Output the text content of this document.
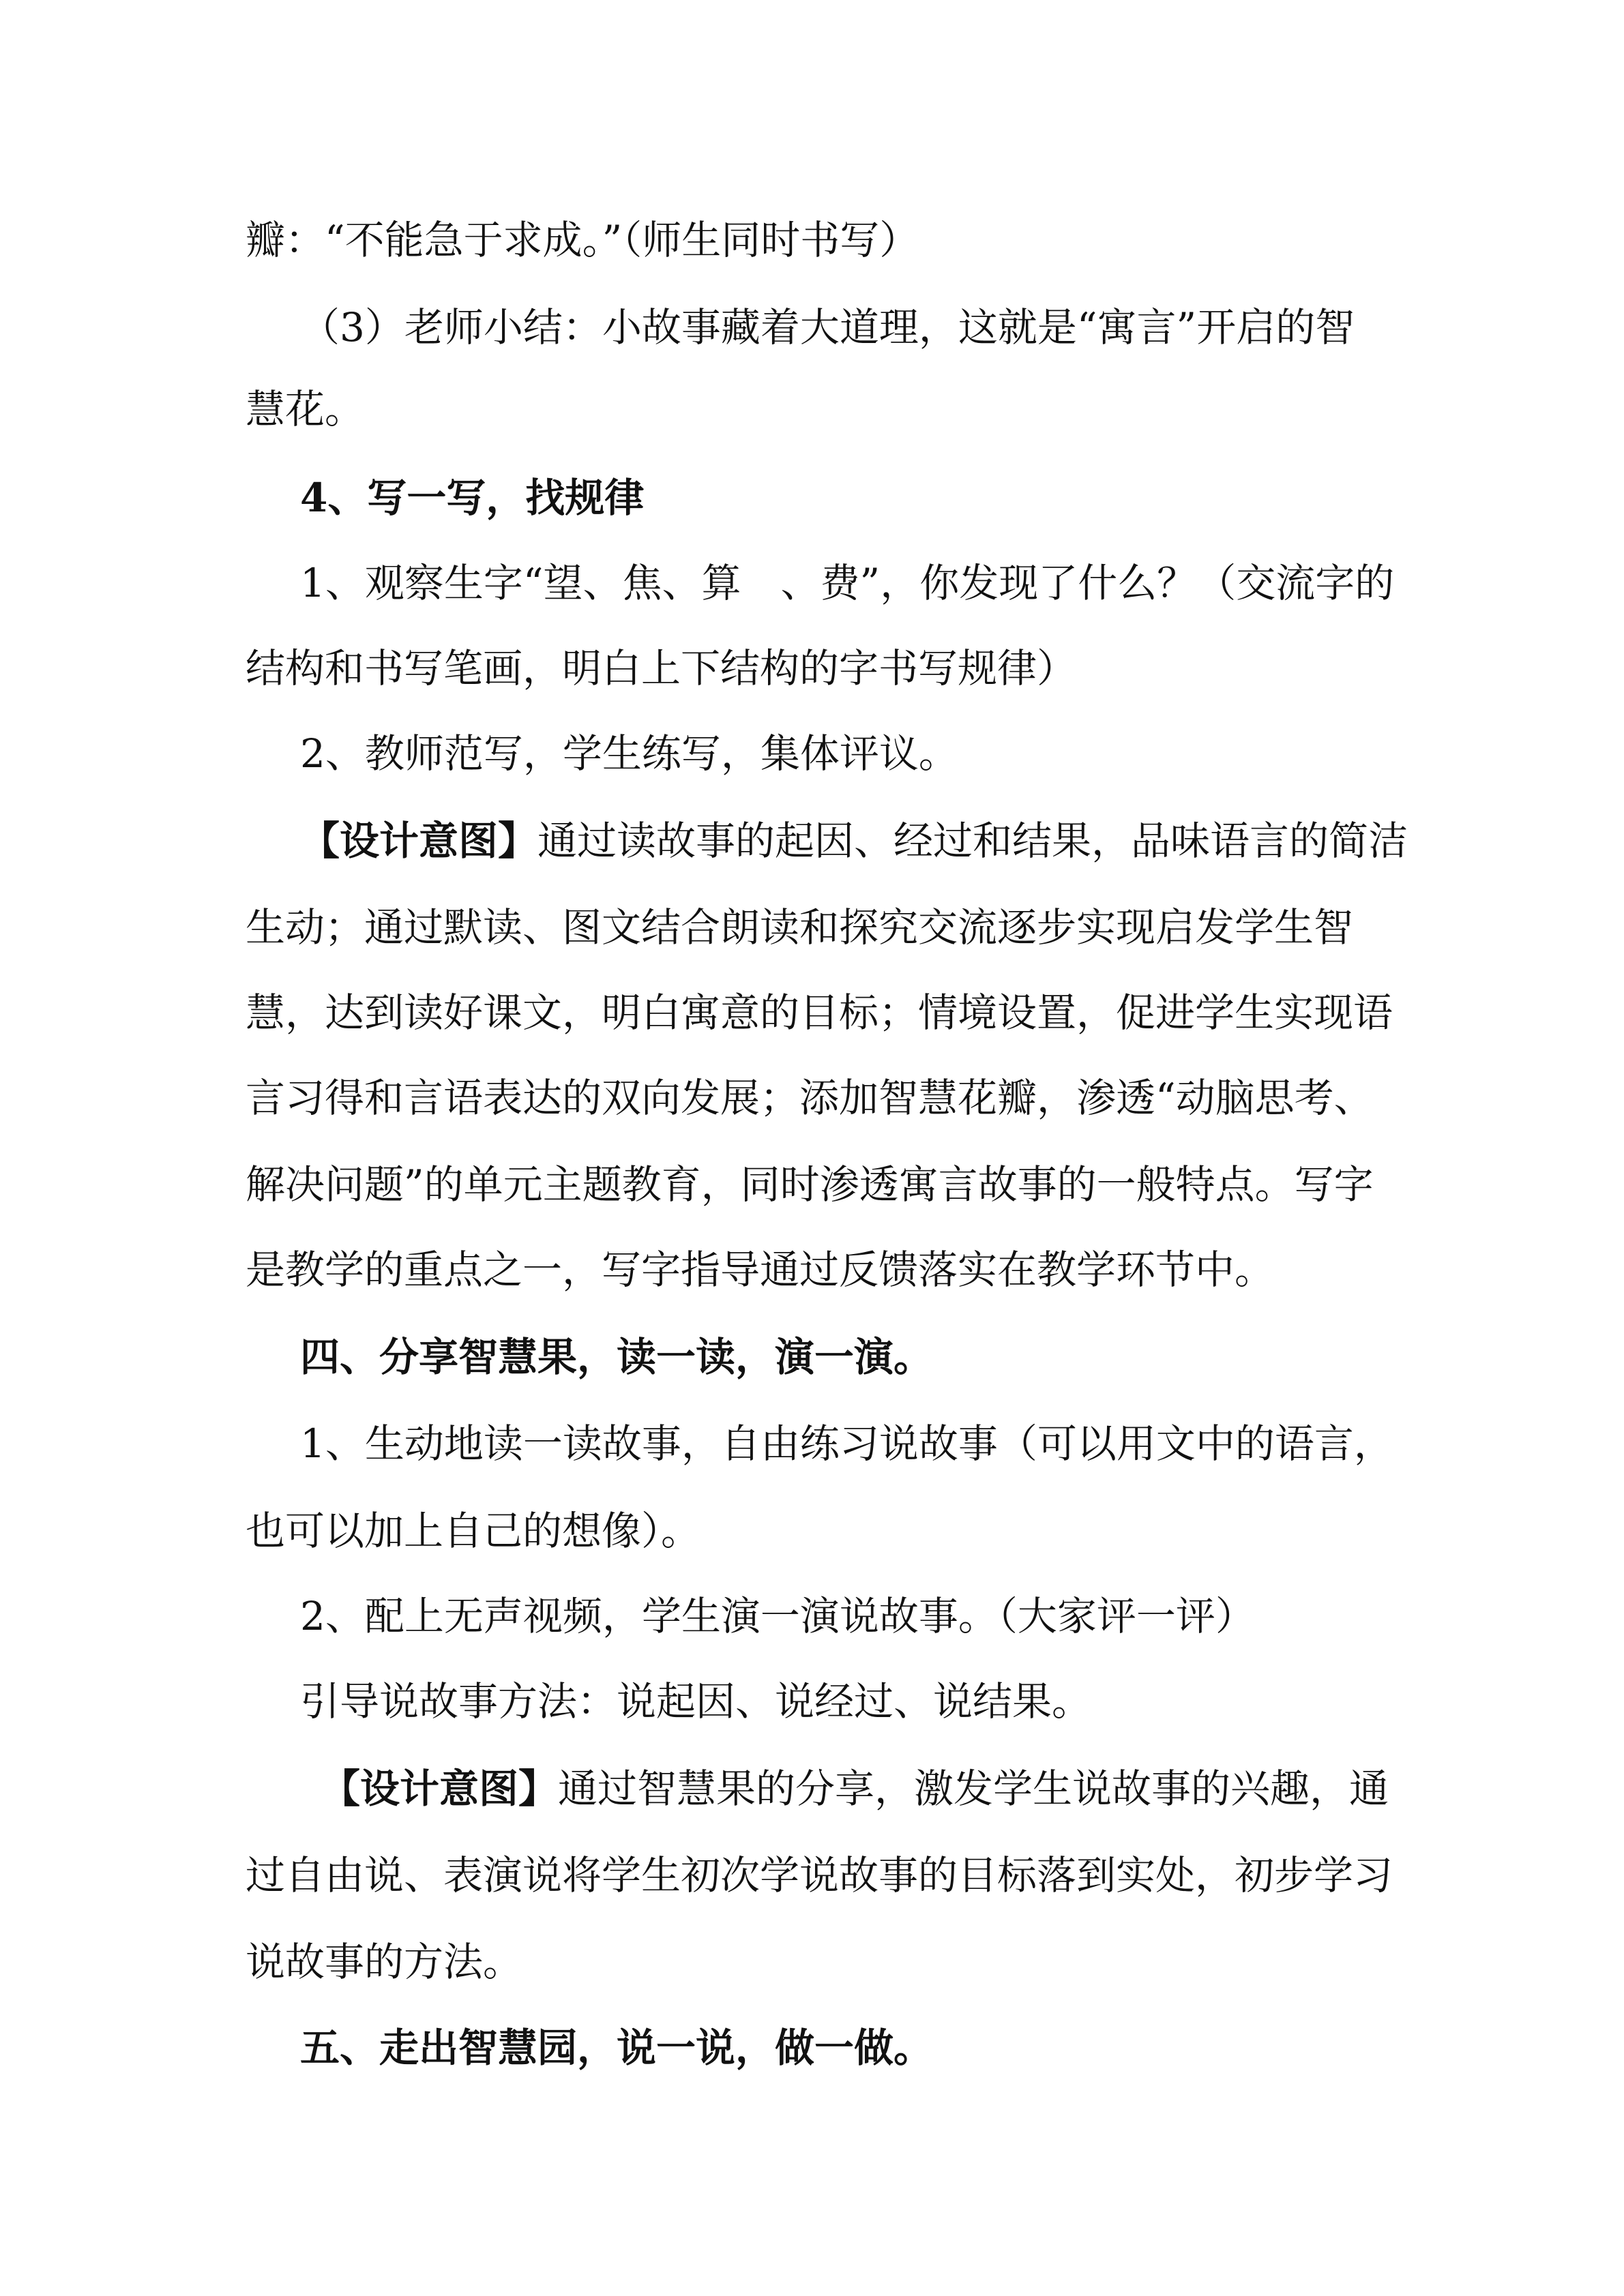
瓣：“不能急于求成。”（师生同时书写）
（3）老师小结：小故事藏着大道理，这就是“寓言”开启的智
慧花。
4、写一写，找规律
1、观察生字“望、焦、算　、费”，你发现了什么？（交流字的
结构和书写笔画，明白上下结构的字书写规律）
2、教师范写，学生练写，集体评议。
【设计意图】通过读故事的起因、经过和结果，品味语言的简洁
生动；通过默读、图文结合朗读和探究交流逐步实现启发学生智
慧，达到读好课文，明白寓意的目标；情境设置，促进学生实现语
言习得和言语表达的双向发展；添加智慧花瓣，渗透“动脑思考、
解决问题”的单元主题教育，同时渗透寓言故事的一般特点。写字
是教学的重点之一，写字指导通过反馈落实在教学环节中。
四、分享智慧果，读一读，演一演。
1、生动地读一读故事，自由练习说故事（可以用文中的语言，
也可以加上自己的想像）。
2、配上无声视频，学生演一演说故事。（大家评一评）
引导说故事方法：说起因、说经过、说结果。
【设计意图】通过智慧果的分享，激发学生说故事的兴趣，通
过自由说、表演说将学生初次学说故事的目标落到实处，初步学习
说故事的方法。
五、走出智慧园，说一说，做一做。
